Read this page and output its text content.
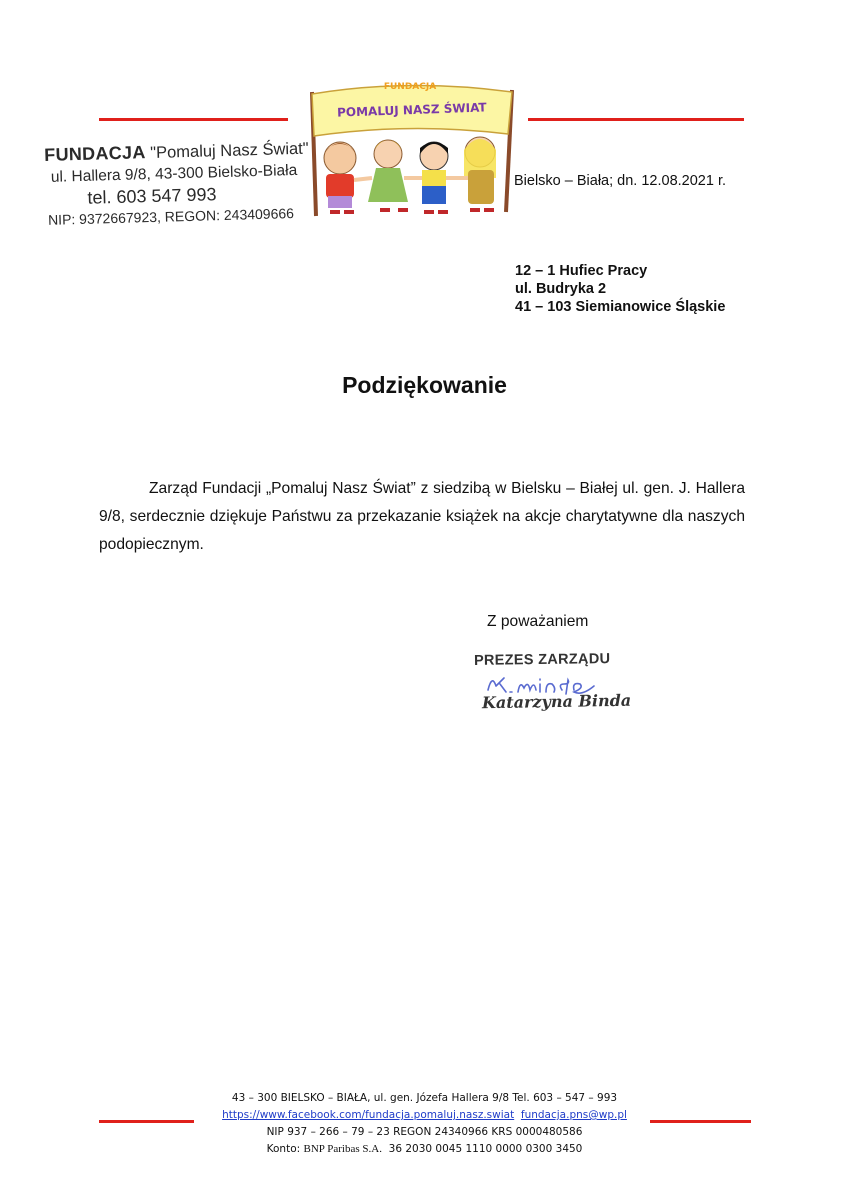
FUNDACJA
POMALUJ NASZ ŚWIAT
FUNDACJA "Pomaluj Nasz Świat"
ul. Hallera 9/8, 43-300 Bielsko-Biała
tel. 603 547 993
NIP: 9372667923, REGON: 243409666
Bielsko – Biała; dn. 12.08.2021 r.
12 – 1 Hufiec Pracy
ul. Budryka 2
41 – 103 Siemianowice Śląskie
Podziękowanie
Zarząd Fundacji „Pomaluj Nasz Świat” z siedzibą w Bielsku – Białej ul. gen. J. Hallera 9/8, serdecznie dziękuje Państwu za przekazanie książek na akcje charytatywne dla naszych podopiecznym.
Z poważaniem
PREZES ZARZĄDU
Katarzyna Binda
43 – 300 BIELSKO – BIAŁA, ul. gen. Józefa Hallera 9/8 Tel. 603 – 547 – 993
https://www.facebook.com/fundacja.pomaluj.nasz.swiat fundacja.pns@wp.pl
NIP 937 – 266 – 79 – 23 REGON 24340966 KRS 0000480586
Konto: BNP Paribas S.A. 36 2030 0045 1110 0000 0300 3450
